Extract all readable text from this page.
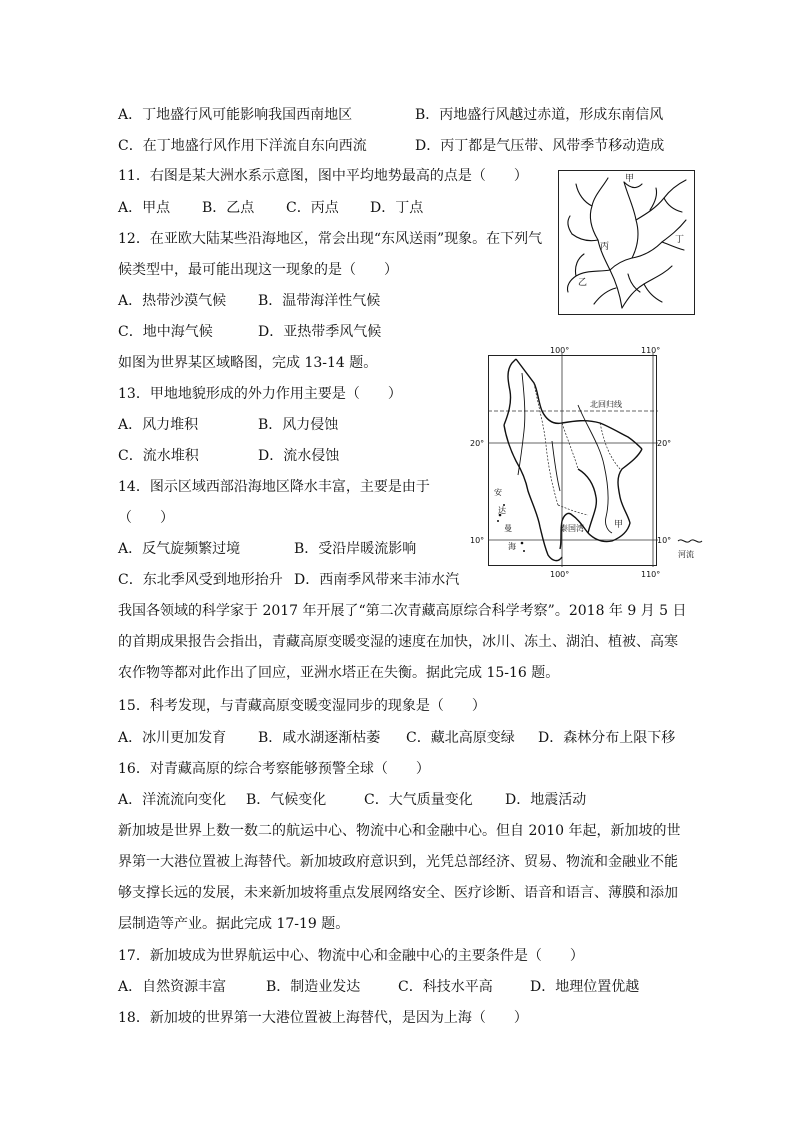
A．丁地盛行风可能影响我国西南地区	B．丙地盛行风越过赤道，形成东南信风
C．在丁地盛行风作用下洋流自东向西流	D．丙丁都是气压带、风带季节移动造成
11．右图是某大洲水系示意图，图中平均地势最高的点是（　　）
A．甲点 B．乙点 C．丙点 D．丁点
甲
丙
丁
乙
12．在亚欧大陆某些沿海地区，常会出现“东风送雨”现象。在下列气
候类型中，最可能出现这一现象的是（　　）
A．热带沙漠气候 B．温带海洋性气候
C．地中海气候	D．亚热带季风气候
如图为世界某区域略图，完成 13-14 题。
100°	110°
100°	110°
20°	20°
10°	10°
北回归线
安
达
曼
海
泰国湾	甲
河流
13．甲地地貌形成的外力作用主要是（　　）
A．风力堆积	B．风力侵蚀
C．流水堆积	D．流水侵蚀
14．图示区域西部沿海地区降水丰富，主要是由于
（　　）
A．反气旋频繁过境	B．受沿岸暖流影响
C．东北季风受到地形抬升 D．西南季风带来丰沛水汽
我国各领域的科学家于 2017 年开展了“第二次青藏高原综合科学考察”。2018 年 9 月 5 日
的首期成果报告会指出，青藏高原变暖变湿的速度在加快，冰川、冻土、湖泊、植被、高寒
农作物等都对此作出了回应，亚洲水塔正在失衡。据此完成 15-16 题。
15．科考发现，与青藏高原变暖变湿同步的现象是（　　）
A．冰川更加发育 B．咸水湖逐渐枯萎 C．藏北高原变绿 D．森林分布上限下移
16．对青藏高原的综合考察能够预警全球（　　）
A．洋流流向变化 B．气候变化	C．大气质量变化 D．地震活动
新加坡是世界上数一数二的航运中心、物流中心和金融中心。但自 2010 年起，新加坡的世
界第一大港位置被上海替代。新加坡政府意识到，光凭总部经济、贸易、物流和金融业不能
够支撑长远的发展，未来新加坡将重点发展网络安全、医疗诊断、语音和语言、薄膜和添加
层制造等产业。据此完成 17-19 题。
17．新加坡成为世界航运中心、物流中心和金融中心的主要条件是（　　）
A．自然资源丰富	B．制造业发达	C．科技水平高	D．地理位置优越
18．新加坡的世界第一大港位置被上海替代，是因为上海（　　）
